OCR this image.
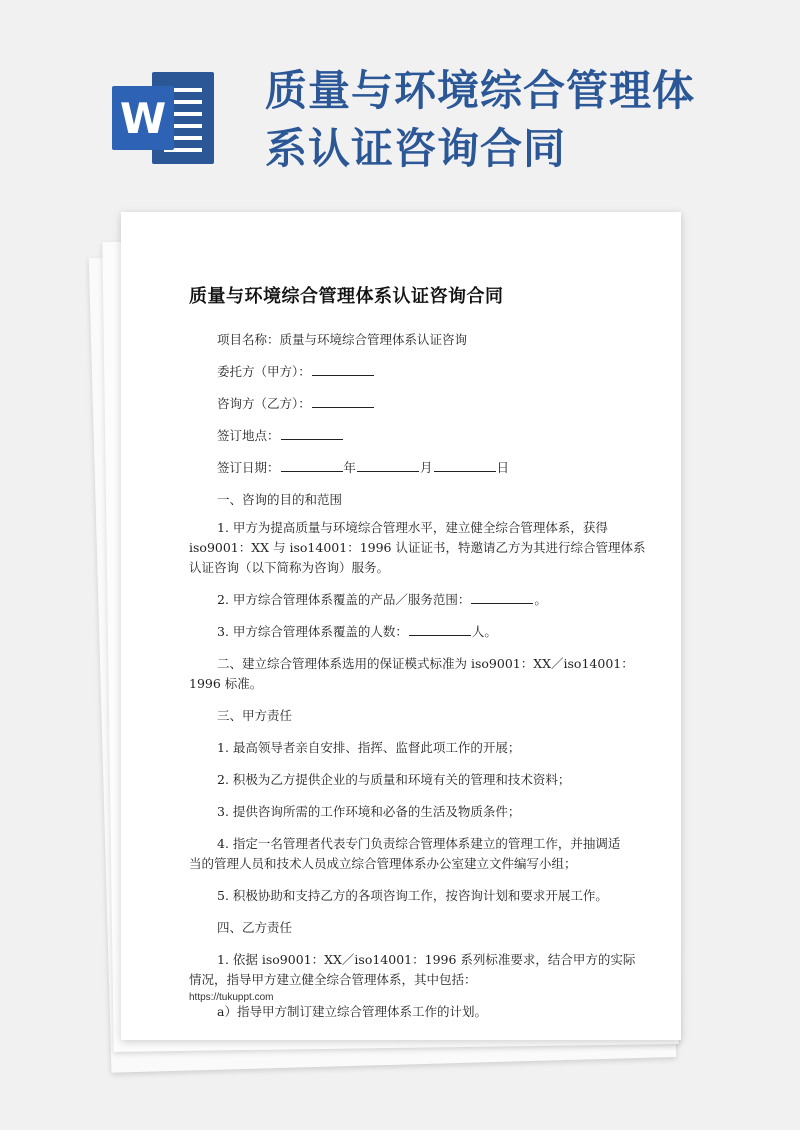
W
质量与环境综合管理体
系认证咨询合同
质量与环境综合管理体系认证咨询合同
项目名称：质量与环境综合管理体系认证咨询
委托方（甲方）：
咨询方（乙方）：
签订地点：
签订日期：	年	月	日
一、咨询的目的和范围
1. 甲方为提高质量与环境综合管理水平，建立健全综合管理体系，获得
iso9001：XX 与 iso14001：1996 认证证书，特邀请乙方为其进行综合管理体系
认证咨询（以下简称为咨询）服务。
2. 甲方综合管理体系覆盖的产品／服务范围：	。
3. 甲方综合管理体系覆盖的人数：	人。
二、建立综合管理体系选用的保证模式标准为 iso9001：XX／iso14001：
1996 标准。
三、甲方责任
1. 最高领导者亲自安排、指挥、监督此项工作的开展；
2. 积极为乙方提供企业的与质量和环境有关的管理和技术资料；
3. 提供咨询所需的工作环境和必备的生活及物质条件；
4. 指定一名管理者代表专门负责综合管理体系建立的管理工作，并抽调适
当的管理人员和技术人员成立综合管理体系办公室建立文件编写小组；
5. 积极协助和支持乙方的各项咨询工作，按咨询计划和要求开展工作。
四、乙方责任
1. 依据 iso9001：XX／iso14001：1996 系列标准要求，结合甲方的实际
情况，指导甲方建立健全综合管理体系，其中包括：
a）指导甲方制订建立综合管理体系工作的计划。
https://tukuppt.com
